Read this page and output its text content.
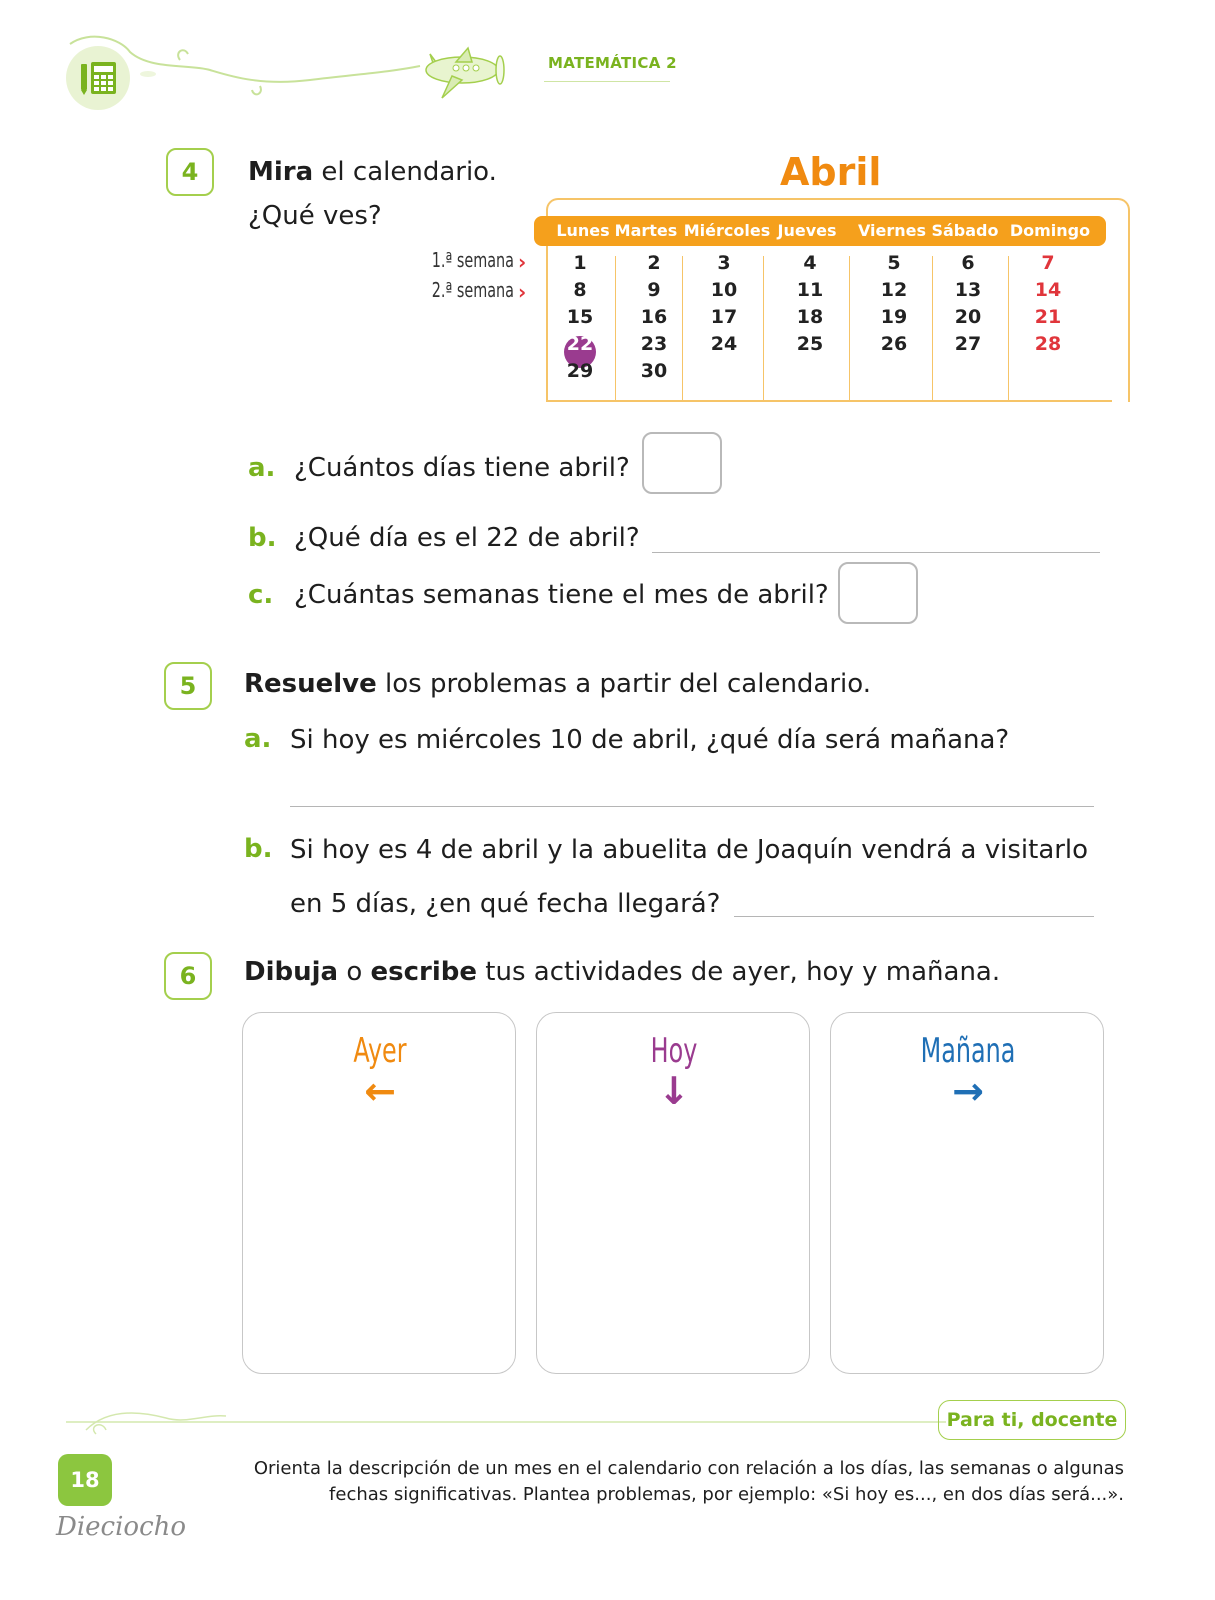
MATEMÁTICA 2
4	Mira el calendario.
¿Qué ves?
Abril
Lunes Martes Miércoles Jueves	Viernes Sábado Domingo
1	2	3	4	5	6	7
8	9	10	11	12	13	14
15	16	17	18	19	20	21
22	23	24	25	26	27	28
29	30
1.ª semana ›
2.ª semana ›
a. ¿Cuántos días tiene abril?
b. ¿Qué día es el 22 de abril?
c. ¿Cuántas semanas tiene el mes de abril?
5	Resuelve los problemas a partir del calendario.
a. Si hoy es miércoles 10 de abril, ¿qué día será mañana?
b. Si hoy es 4 de abril y la abuelita de Joaquín vendrá a visitarlo
en 5 días, ¿en qué fecha llegará?
6	Dibuja o escribe tus actividades de ayer, hoy y mañana.
Ayer
←
Hoy
↓
Mañana
→
Para ti, docente
18
Dieciocho
Orienta la descripción de un mes en el calendario con relación a los días, las semanas o algunas
fechas significativas. Plantea problemas, por ejemplo: «Si hoy es..., en dos días será...».
